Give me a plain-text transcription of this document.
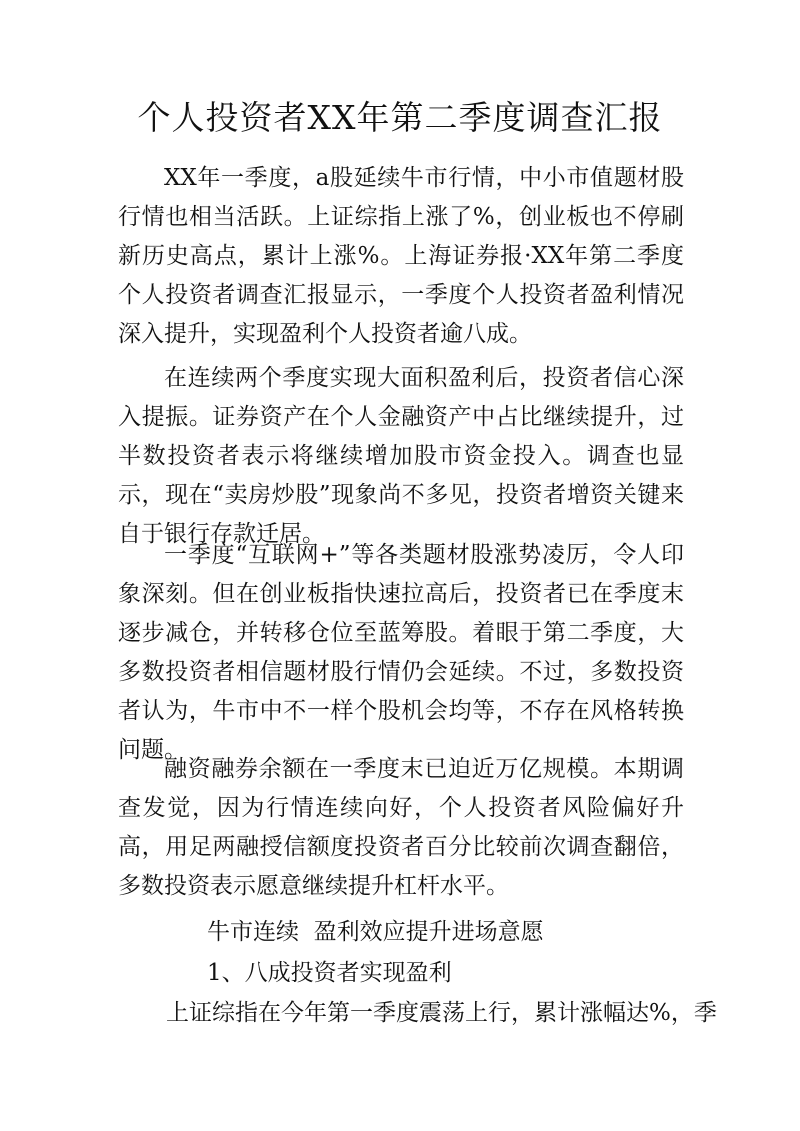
个人投资者XX年第二季度调查汇报

XX年一季度，a股延续牛市行情，中小市值题材股行情也相当活跃。上证综指上涨了%，创业板也不停刷新历史高点，累计上涨%。上海证券报·XX年第二季度个人投资者调查汇报显示，一季度个人投资者盈利情况深入提升，实现盈利个人投资者逾八成。

在连续两个季度实现大面积盈利后，投资者信心深入提振。证券资产在个人金融资产中占比继续提升，过半数投资者表示将继续增加股市资金投入。调查也显示，现在“卖房炒股”现象尚不多见，投资者增资关键来自于银行存款迁居。

一季度“互联网+”等各类题材股涨势凌厉，令人印象深刻。但在创业板指快速拉高后，投资者已在季度末逐步减仓，并转移仓位至蓝筹股。着眼于第二季度，大多数投资者相信题材股行情仍会延续。不过，多数投资者认为，牛市中不一样个股机会均等，不存在风格转换问题。

融资融券余额在一季度末已迫近万亿规模。本期调查发觉，因为行情连续向好，个人投资者风险偏好升高，用足两融授信额度投资者百分比较前次调查翻倍，多数投资表示愿意继续提升杠杆水平。

牛市连续  盈利效应提升进场意愿

1、八成投资者实现盈利

上证综指在今年第一季度震荡上行，累计涨幅达%，季
